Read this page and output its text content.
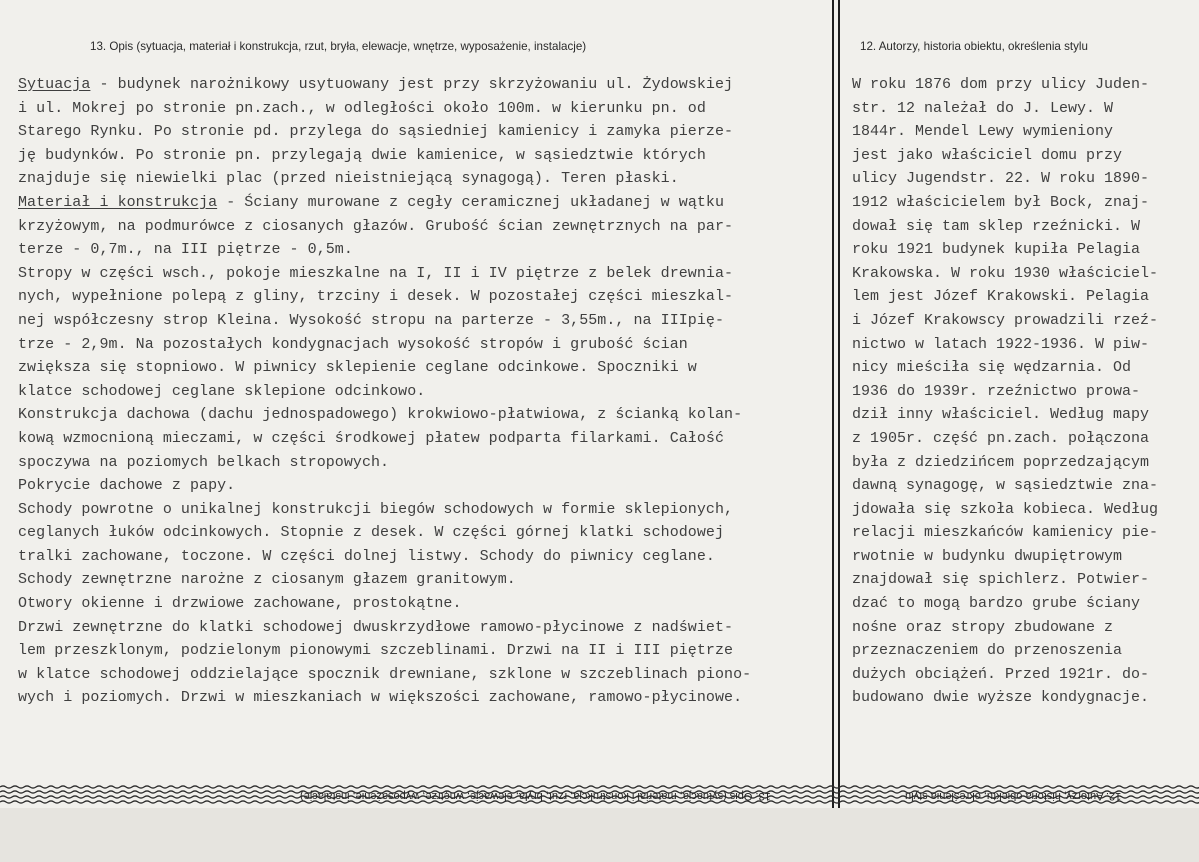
13. Opis (sytuacja, materiał i konstrukcja, rzut, bryła, elewacje, wnętrze, wyposażenie, instalacje)	12. Autorzy, historia obiektu, określenia stylu
Sytuacja - budynek narożnikowy usytuowany jest przy skrzyżowaniu ul. Żydowskiej
i ul. Mokrej po stronie pn.zach., w odległości około 100m. w kierunku pn. od
Starego Rynku. Po stronie pd. przylega do sąsiedniej kamienicy i zamyka pierze-
ję budynków. Po stronie pn. przylegają dwie kamienice, w sąsiedztwie których
znajduje się niewielki plac (przed nieistniejącą synagogą). Teren płaski.
Materiał i konstrukcja - Ściany murowane z cegły ceramicznej układanej w wątku
krzyżowym, na podmurówce z ciosanych głazów. Grubość ścian zewnętrznych na par-
terze - 0,7m., na III piętrze - 0,5m.
Stropy w części wsch., pokoje mieszkalne na I, II i IV piętrze z belek drewnia-
nych, wypełnione polepą z gliny, trzciny i desek. W pozostałej części mieszkal-
nej współczesny strop Kleina. Wysokość stropu na parterze - 3,55m., na IIIpię-
trze - 2,9m. Na pozostałych kondygnacjach wysokość stropów i grubość ścian
zwiększa się stopniowo. W piwnicy sklepienie ceglane odcinkowe. Spoczniki w
klatce schodowej ceglane sklepione odcinkowo.
Konstrukcja dachowa (dachu jednospadowego) krokwiowo-płatwiowa, z ścianką kolan-
kową wzmocnioną mieczami, w części środkowej płatew podparta filarkami. Całość
spoczywa na poziomych belkach stropowych.
Pokrycie dachowe z papy.
Schody powrotne o unikalnej konstrukcji biegów schodowych w formie sklepionych,
ceglanych łuków odcinkowych. Stopnie z desek. W części górnej klatki schodowej
tralki zachowane, toczone. W części dolnej listwy. Schody do piwnicy ceglane.
Schody zewnętrzne narożne z ciosanym głazem granitowym.
Otwory okienne i drzwiowe zachowane, prostokątne.
Drzwi zewnętrzne do klatki schodowej dwuskrzydłowe ramowo-płycinowe z nadświet-
lem przeszklonym, podzielonym pionowymi szczeblinami. Drzwi na II i III piętrze
w klatce schodowej oddzielające spocznik drewniane, szklone w szczeblinach piono-
wych i poziomych. Drzwi w mieszkaniach w większości zachowane, ramowo-płycinowe.
W roku 1876 dom przy ulicy Juden-
str. 12 należał do J. Lewy. W
1844r. Mendel Lewy wymieniony
jest jako właściciel domu przy
ulicy Jugendstr. 22. W roku 1890-
1912 właścicielem był Bock, znaj-
dował się tam sklep rzeźnicki. W
roku 1921 budynek kupiła Pelagia
Krakowska. W roku 1930 właściciel-
lem jest Józef Krakowski. Pelagia
i Józef Krakowscy prowadzili rzeź-
nictwo w latach 1922-1936. W piw-
nicy mieściła się wędzarnia. Od
1936 do 1939r. rzeźnictwo prowa-
dził inny właściciel. Według mapy
z 1905r. część pn.zach. połączona
była z dziedzińcem poprzedzającym
dawną synagogę, w sąsiedztwie zna-
jdowała się szkoła kobieca. Według
relacji mieszkańców kamienicy pie-
rwotnie w budynku dwupiętrowym
znajdował się spichlerz. Potwier-
dzać to mogą bardzo grube ściany
nośne oraz stropy zbudowane z
przeznaczeniem do przenoszenia
dużych obciążeń. Przed 1921r. do-
budowano dwie wyższe kondygnacje.
13. Opis (sytuacja, materiał i konstrukcja, rzut, bryła, elewacje, wnętrze, wyposażenie, instalacje)	12. Autorzy, historia obiektu, określenia stylu
